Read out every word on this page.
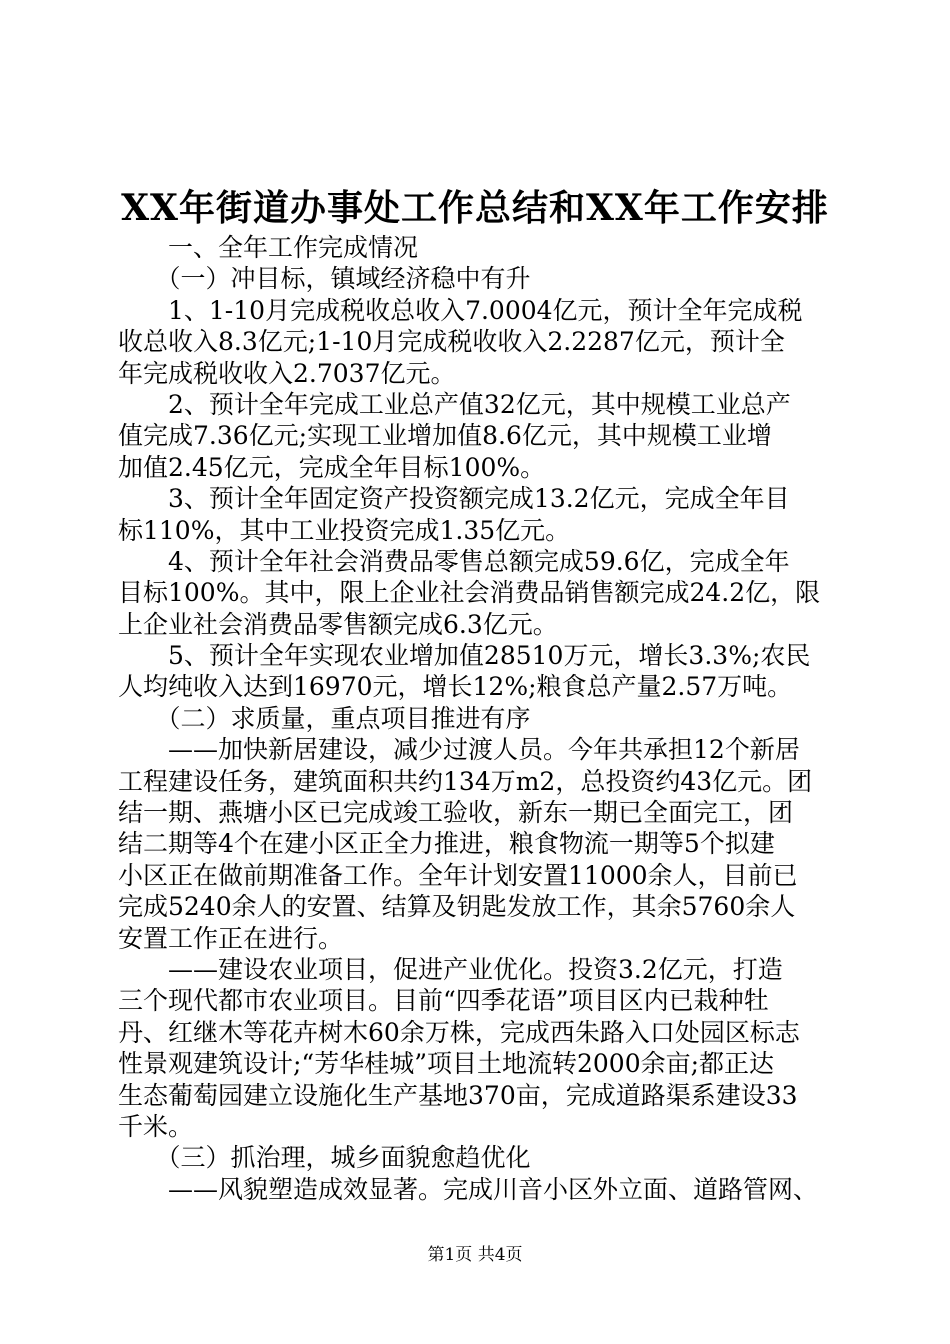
XX年街道办事处工作总结和XX年工作安排
　　一、全年工作完成情况
　　（一）冲目标，镇域经济稳中有升
　　1、1-10月完成税收总收入7.0004亿元，预计全年完成税
收总收入8.3亿元;1-10月完成税收收入2.2287亿元，预计全
年完成税收收入2.7037亿元。
　　2、预计全年完成工业总产值32亿元，其中规模工业总产
值完成7.36亿元;实现工业增加值8.6亿元，其中规模工业增
加值2.45亿元，完成全年目标100%。
　　3、预计全年固定资产投资额完成13.2亿元，完成全年目
标110%，其中工业投资完成1.35亿元。
　　4、预计全年社会消费品零售总额完成59.6亿，完成全年
目标100%。其中，限上企业社会消费品销售额完成24.2亿，限
上企业社会消费品零售额完成6.3亿元。
　　5、预计全年实现农业增加值28510万元，增长3.3%;农民
人均纯收入达到16970元，增长12%;粮食总产量2.57万吨。
　　（二）求质量，重点项目推进有序
　　——加快新居建设，减少过渡人员。今年共承担12个新居
工程建设任务，建筑面积共约134万m2，总投资约43亿元。团
结一期、燕塘小区已完成竣工验收，新东一期已全面完工，团
结二期等4个在建小区正全力推进，粮食物流一期等5个拟建
小区正在做前期准备工作。全年计划安置11000余人，目前已
完成5240余人的安置、结算及钥匙发放工作，其余5760余人
安置工作正在进行。
　　——建设农业项目，促进产业优化。投资3.2亿元，打造
三个现代都市农业项目。目前“四季花语”项目区内已栽种牡
丹、红继木等花卉树木60余万株，完成西朱路入口处园区标志
性景观建筑设计;“芳华桂城”项目土地流转2000余亩;都正达
生态葡萄园建立设施化生产基地370亩，完成道路渠系建设33
千米。
　　（三）抓治理，城乡面貌愈趋优化
　　——风貌塑造成效显著。完成川音小区外立面、道路管网、
第1页 共4页
